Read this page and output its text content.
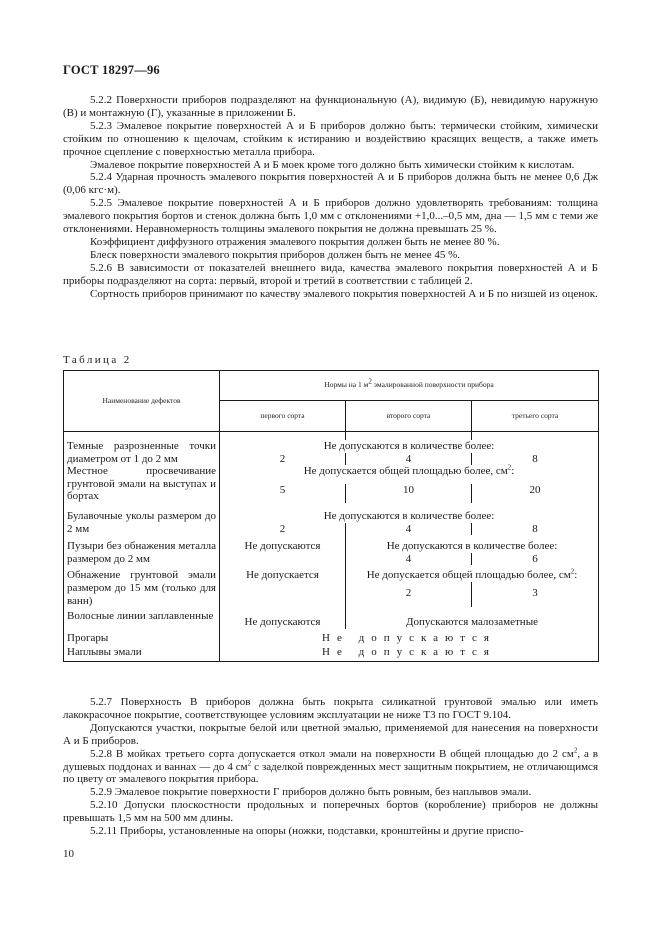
ГОСТ 18297—96

5.2.2 Поверхности приборов подразделяют на функциональную (А), видимую (Б), невидимую наружную (В) и монтажную (Г), указанные в приложении Б.

5.2.3 Эмалевое покрытие поверхностей А и Б приборов должно быть: термически стойким, химически стойким по отношению к щелочам, стойким к истиранию и воздействию красящих веществ, а также иметь прочное сцепление с поверхностью металла прибора.

Эмалевое покрытие поверхностей А и Б моек кроме того должно быть химически стойким к кислотам.

5.2.4 Ударная прочность эмалевого покрытия поверхностей А и Б приборов должна быть не менее 0,6 Дж (0,06 кгс·м).

5.2.5 Эмалевое покрытие поверхностей А и Б приборов должно удовлетворять требованиям: толщина эмалевого покрытия бортов и стенок должна быть 1,0 мм с отклонениями +1,0...–0,5 мм, дна — 1,5 мм с теми же отклонениями. Неравномерность толщины эмалевого покрытия не должна превышать 25 %.

Коэффициент диффузного отражения эмалевого покрытия должен быть не менее 80 %.

Блеск поверхности эмалевого покрытия приборов должен быть не менее 45 %.

5.2.6 В зависимости от показателей внешнего вида, качества эмалевого покрытия поверхностей А и Б приборы подразделяют на сорта: первый, второй и третий в соответствии с таблицей 2.

Сортность приборов принимают по качеству эмалевого покрытия поверхностей А и Б по низшей из оценок.

Таблица 2
Наименование дефектов	Нормы на 1 $м^2$ эмалированной поверхности прибора		
	первого сорта	второго сорта	третьего сорта

Темные разрозненные точки диаметром от 1 до 2 мм	Не допускаются в количестве более:		
	2	4	8
Местное просвечивание грунтовой эмали на выступах и бортах	Не допускается общей площадью более, $см^2$:		
	5	10	20
Булавочные уколы размером до 2 мм	Не допускаются в количестве более:		
	2	4	8
Пузыри без обнажения металла размером до 2 мм	Не допускаются	Не допускаются в количестве более:	
		4	6
Обнажение грунтовой эмали размером до 15 мм (только для ванн)	Не допускается	Не допускается общей площадью более, $см^2$:	
		2	3
Волосные линии заплавленные	Не допускаются	Допускаются малозаметные	
Прогары	Не допускаются		
Наплывы эмали	Не допускаются		

5.2.7 Поверхность В приборов должна быть покрыта силикатной грунтовой эмалью или иметь лакокрасочное покрытие, соответствующее условиям эксплуатации не ниже Т3 по ГОСТ 9.104.

Допускаются участки, покрытые белой или цветной эмалью, применяемой для нанесения на поверхности А и Б приборов.

5.2.8 В мойках третьего сорта допускается откол эмали на поверхности В общей площадью до 2 $см^2$, а в душевых поддонах и ваннах — до 4 $см^2$ с заделкой поврежденных мест защитным покрытием, не отличающимся по цвету от эмалевого покрытия прибора.

5.2.9 Эмалевое покрытие поверхности Г приборов должно быть ровным, без наплывов эмали.

5.2.10 Допуски плоскостности продольных и поперечных бортов (коробление) приборов не должны превышать 1,5 мм на 500 мм длины.

5.2.11 Приборы, установленные на опоры (ножки, подставки, кронштейны и другие приспо-

10
